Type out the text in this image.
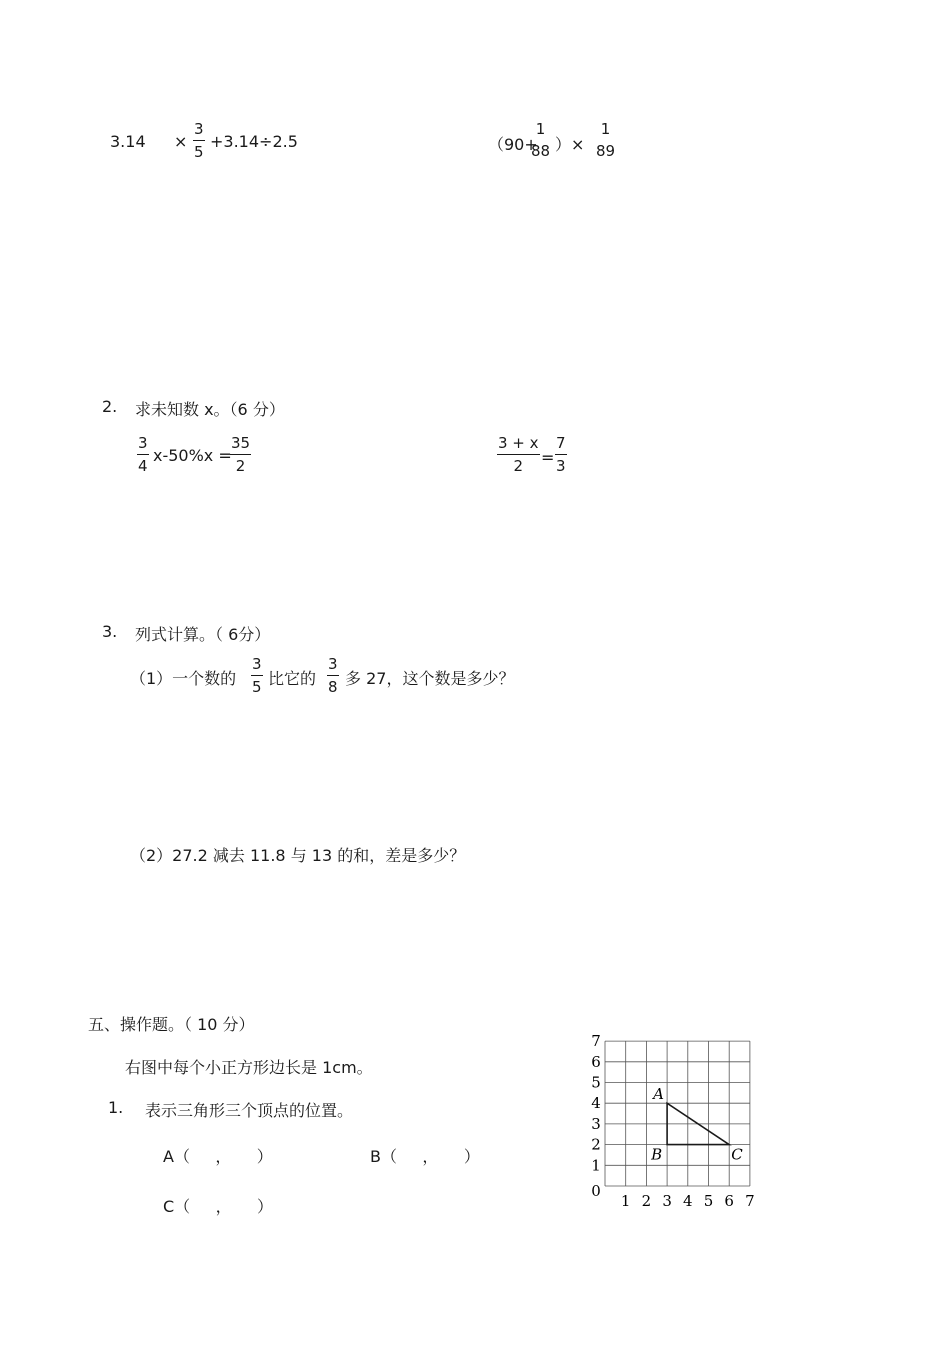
$3.14 \times \frac{3}{5} +3.14\div 2.5$	（90+
1
88 ）×
1
89
2. 求未知数 x。（6 分）
$\frac{3}{4} x-50\%x$ =
$\frac{35}{2}$	$\frac{3 + x}{2} = \frac{7}{3}$
3. 列式计算。（ 6分）
（1）一个数的 $\frac{3}{5}$ 比它的 $\frac{3}{8}$ 多 27，这个数是多少？
（2）27.2 减去 11.8 与 13 的和，差是多少？
五、操作题。（ 10 分）
右图中每个小正方形边长是 1cm。
1. 表示三角形三个顶点的位置。
A（     ，     ）	B（     ，     ）
C（     ，     ）
7
6
5
4
3
2
1
0
1 2 3 4 5 6 7
A
B	C
